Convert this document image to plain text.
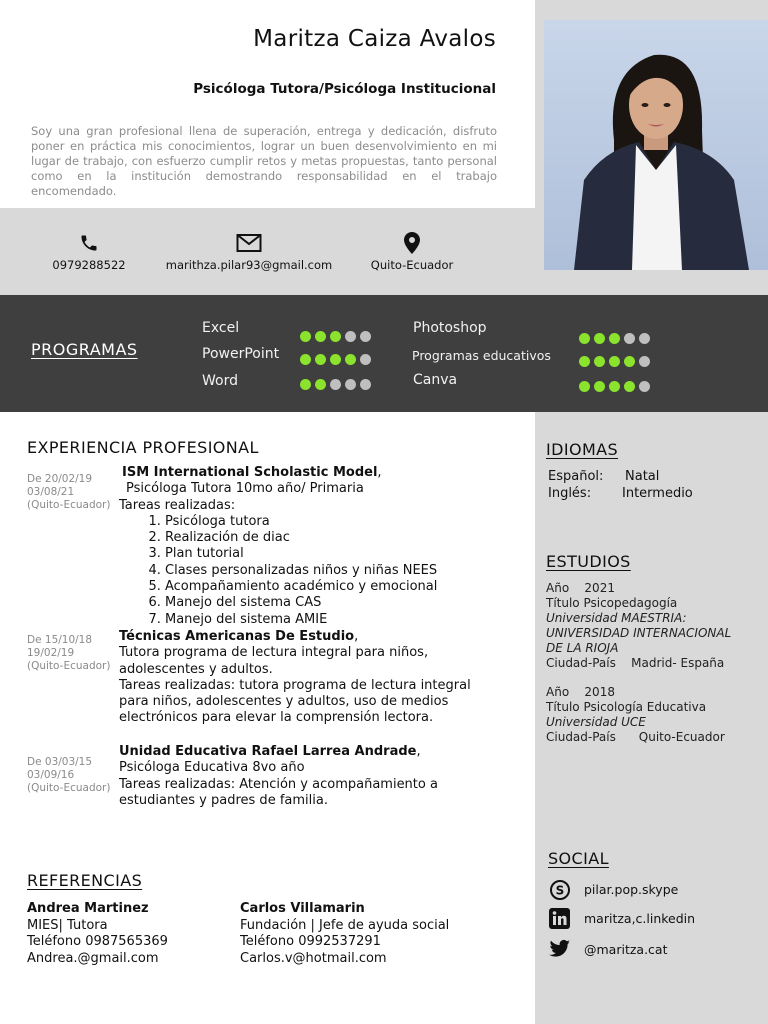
Maritza Caiza Avalos
Psicóloga Tutora/Psicóloga Institucional

Soy una gran profesional llena de superación, entrega y dedicación, disfruto poner en práctica mis conocimientos, lograr un buen desenvolvimiento en mi lugar de trabajo, con esfuerzo cumplir retos y metas propuestas, tanto personal como en la institución demostrando responsabilidad en el trabajo encomendado.

0979288522	marithza.pilar93@gmail.com	Quito-Ecuador
PROGRAMAS
Excel
PowerPoint
Word
Photoshop
Programas educativos
Canva
EXPERIENCIA PROFESIONAL
De 20/02/19
03/08/21
(Quito-Ecuador)
ISM International Scholastic Model,
Psicóloga Tutora 10mo año/ Primaria
Tareas realizadas:
1. Psicóloga tutora
2. Realización de diac
3. Plan tutorial
4. Clases personalizadas niños y niñas NEES
5. Acompañamiento académico y emocional
6. Manejo del sistema CAS
7. Manejo del sistema AMIE
De 15/10/18
19/02/19
(Quito-Ecuador)
Técnicas Americanas De Estudio,
Tutora programa de lectura integral para niños, adolescentes y adultos.
Tareas realizadas: tutora programa de lectura integral para niños, adolescentes y adultos, uso de medios electrónicos para elevar la comprensión lectora.
De 03/03/15
03/09/16
(Quito-Ecuador)
Unidad Educativa Rafael Larrea Andrade,
Psicóloga Educativa 8vo año
Tareas realizadas: Atención y acompañamiento a estudiantes y padres de familia.
REFERENCIAS
Andrea Martinez
MIES| Tutora
Teléfono 0987565369
Andrea.@gmail.com
Carlos Villamarin
Fundación | Jefe de ayuda social
Teléfono 0992537291
Carlos.v@hotmail.com
IDIOMAS
Español: Natal
Inglés: Intermedio
ESTUDIOS
Año 2021
Título Psicopedagogía
Universidad MAESTRIA:
UNIVERSIDAD INTERNACIONAL DE LA RIOJA
Ciudad-País Madrid- España
Año 2018
Título Psicología Educativa
Universidad UCE
Ciudad-País Quito-Ecuador
SOCIAL
S pilar.pop.skype
maritza,c.linkedin
@maritza.cat
